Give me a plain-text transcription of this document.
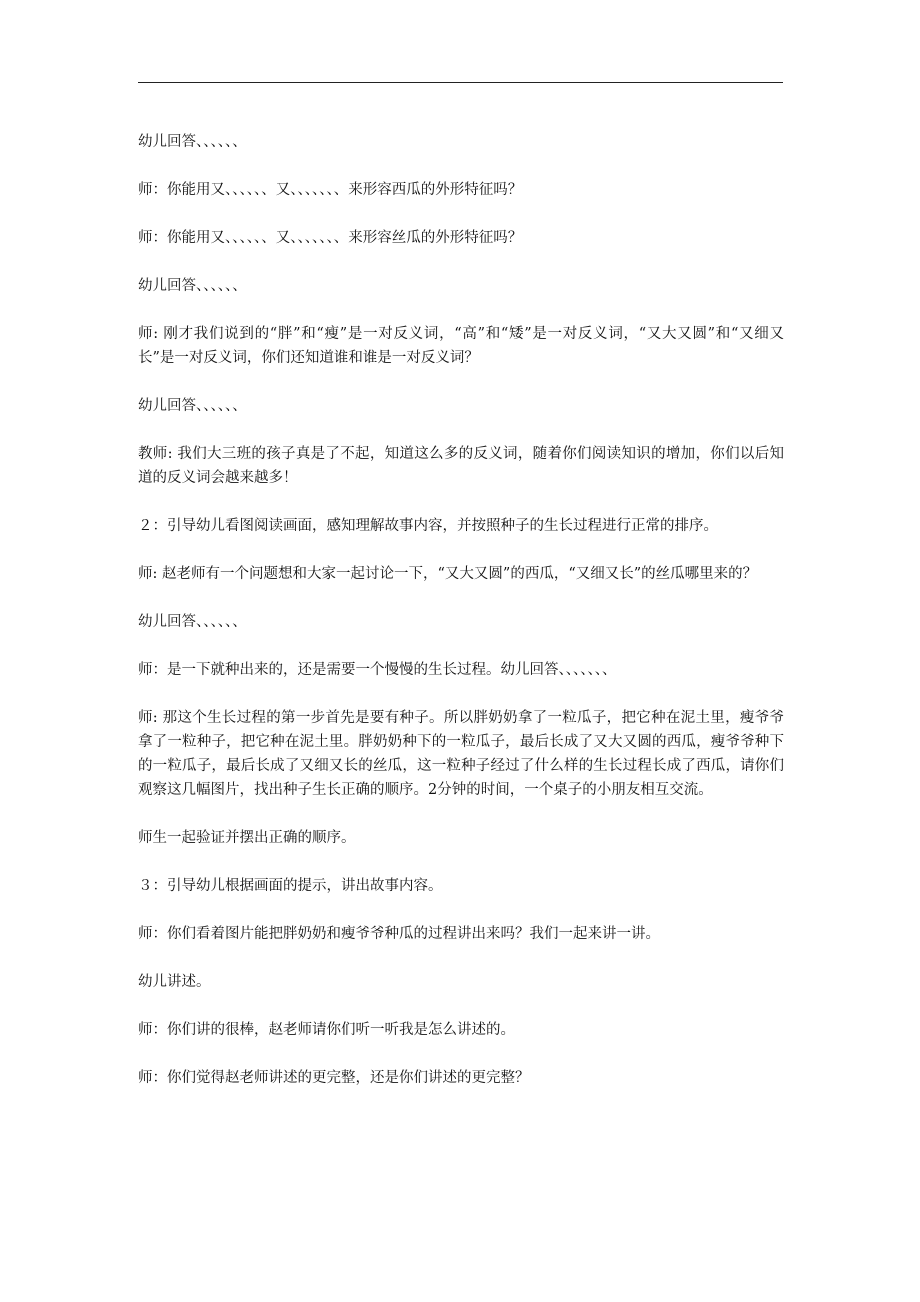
幼儿回答、、、、、、

师：你能用又、、、、、、又、、、、、、、来形容西瓜的外形特征吗？

师：你能用又、、、、、、又、、、、、、、来形容丝瓜的外形特征吗？

幼儿回答、、、、、、

师: 刚才我们说到的“胖”和“瘦”是一对反义词，“高”和“矮”是一对反义词，“又大又圆”和“又细又长”是一对反义词，你们还知道谁和谁是一对反义词？

幼儿回答、、、、、、

教师: 我们大三班的孩子真是了不起，知道这么多的反义词，随着你们阅读知识的增加，你们以后知道的反义词会越来越多！

２：引导幼儿看图阅读画面，感知理解故事内容，并按照种子的生长过程进行正常的排序。

师: 赵老师有一个问题想和大家一起讨论一下，“又大又圆”的西瓜，“又细又长”的丝瓜哪里来的？

幼儿回答、、、、、、

师：是一下就种出来的，还是需要一个慢慢的生长过程。幼儿回答、、、、、、、

师: 那这个生长过程的第一步首先是要有种子。所以胖奶奶拿了一粒瓜子，把它种在泥土里，瘦爷爷拿了一粒种子，把它种在泥土里。胖奶奶种下的一粒瓜子，最后长成了又大又圆的西瓜，瘦爷爷种下的一粒瓜子，最后长成了又细又长的丝瓜，这一粒种子经过了什么样的生长过程长成了西瓜，请你们观察这几幅图片，找出种子生长正确的顺序。2分钟的时间，一个桌子的小朋友相互交流。

师生一起验证并摆出正确的顺序。

３：引导幼儿根据画面的提示，讲出故事内容。

师：你们看着图片能把胖奶奶和瘦爷爷种瓜的过程讲出来吗？我们一起来讲一讲。

幼儿讲述。

师：你们讲的很棒，赵老师请你们听一听我是怎么讲述的。

师：你们觉得赵老师讲述的更完整，还是你们讲述的更完整？
